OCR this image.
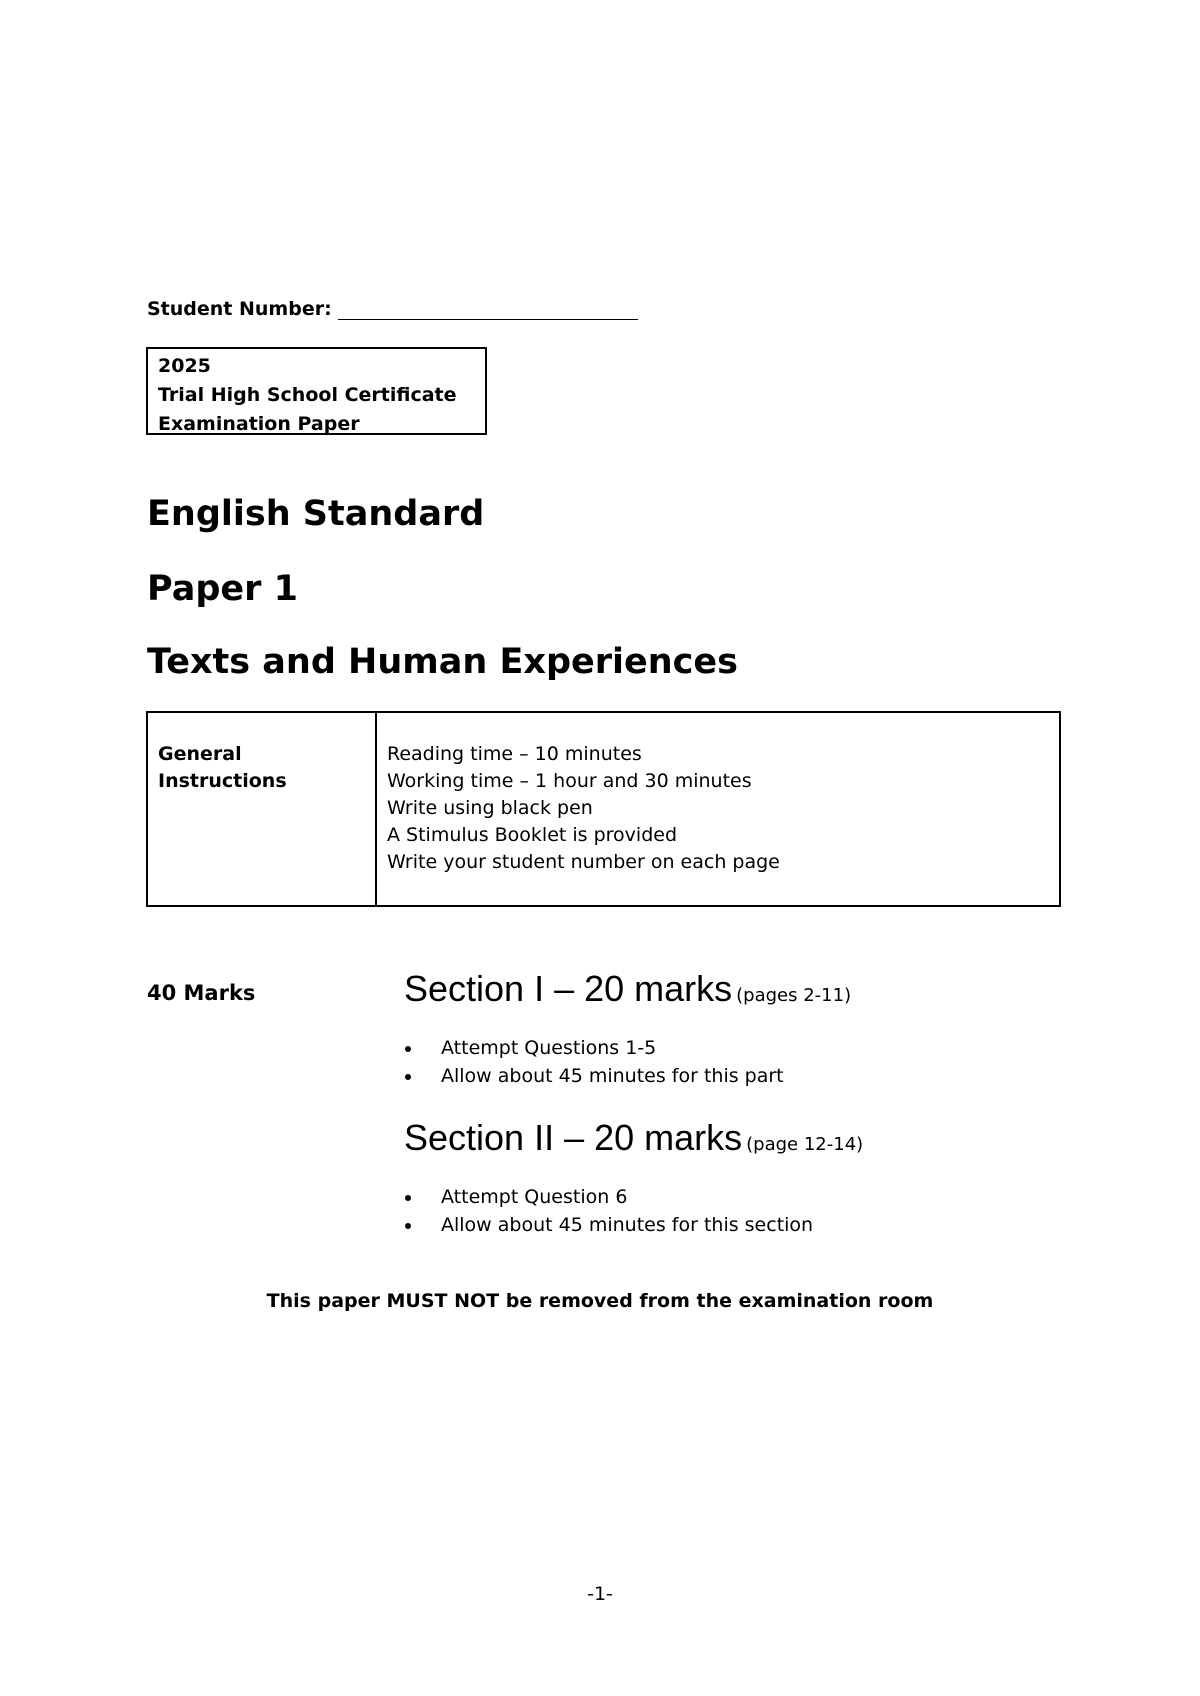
Student Number:
2025
Trial High School Certificate
Examination Paper
English Standard
Paper 1
Texts and Human Experiences
General
Instructions
Reading time – 10 minutes
Working time – 1 hour and 30 minutes
Write using black pen
A Stimulus Booklet is provided
Write your student number on each page
40 Marks	Section I – 20 marks (pages 2-11)
Attempt Questions 1-5
Allow about 45 minutes for this part
Section II – 20 marks (page 12-14)
Attempt Question 6
Allow about 45 minutes for this section
This paper MUST NOT be removed from the examination room
-1-
